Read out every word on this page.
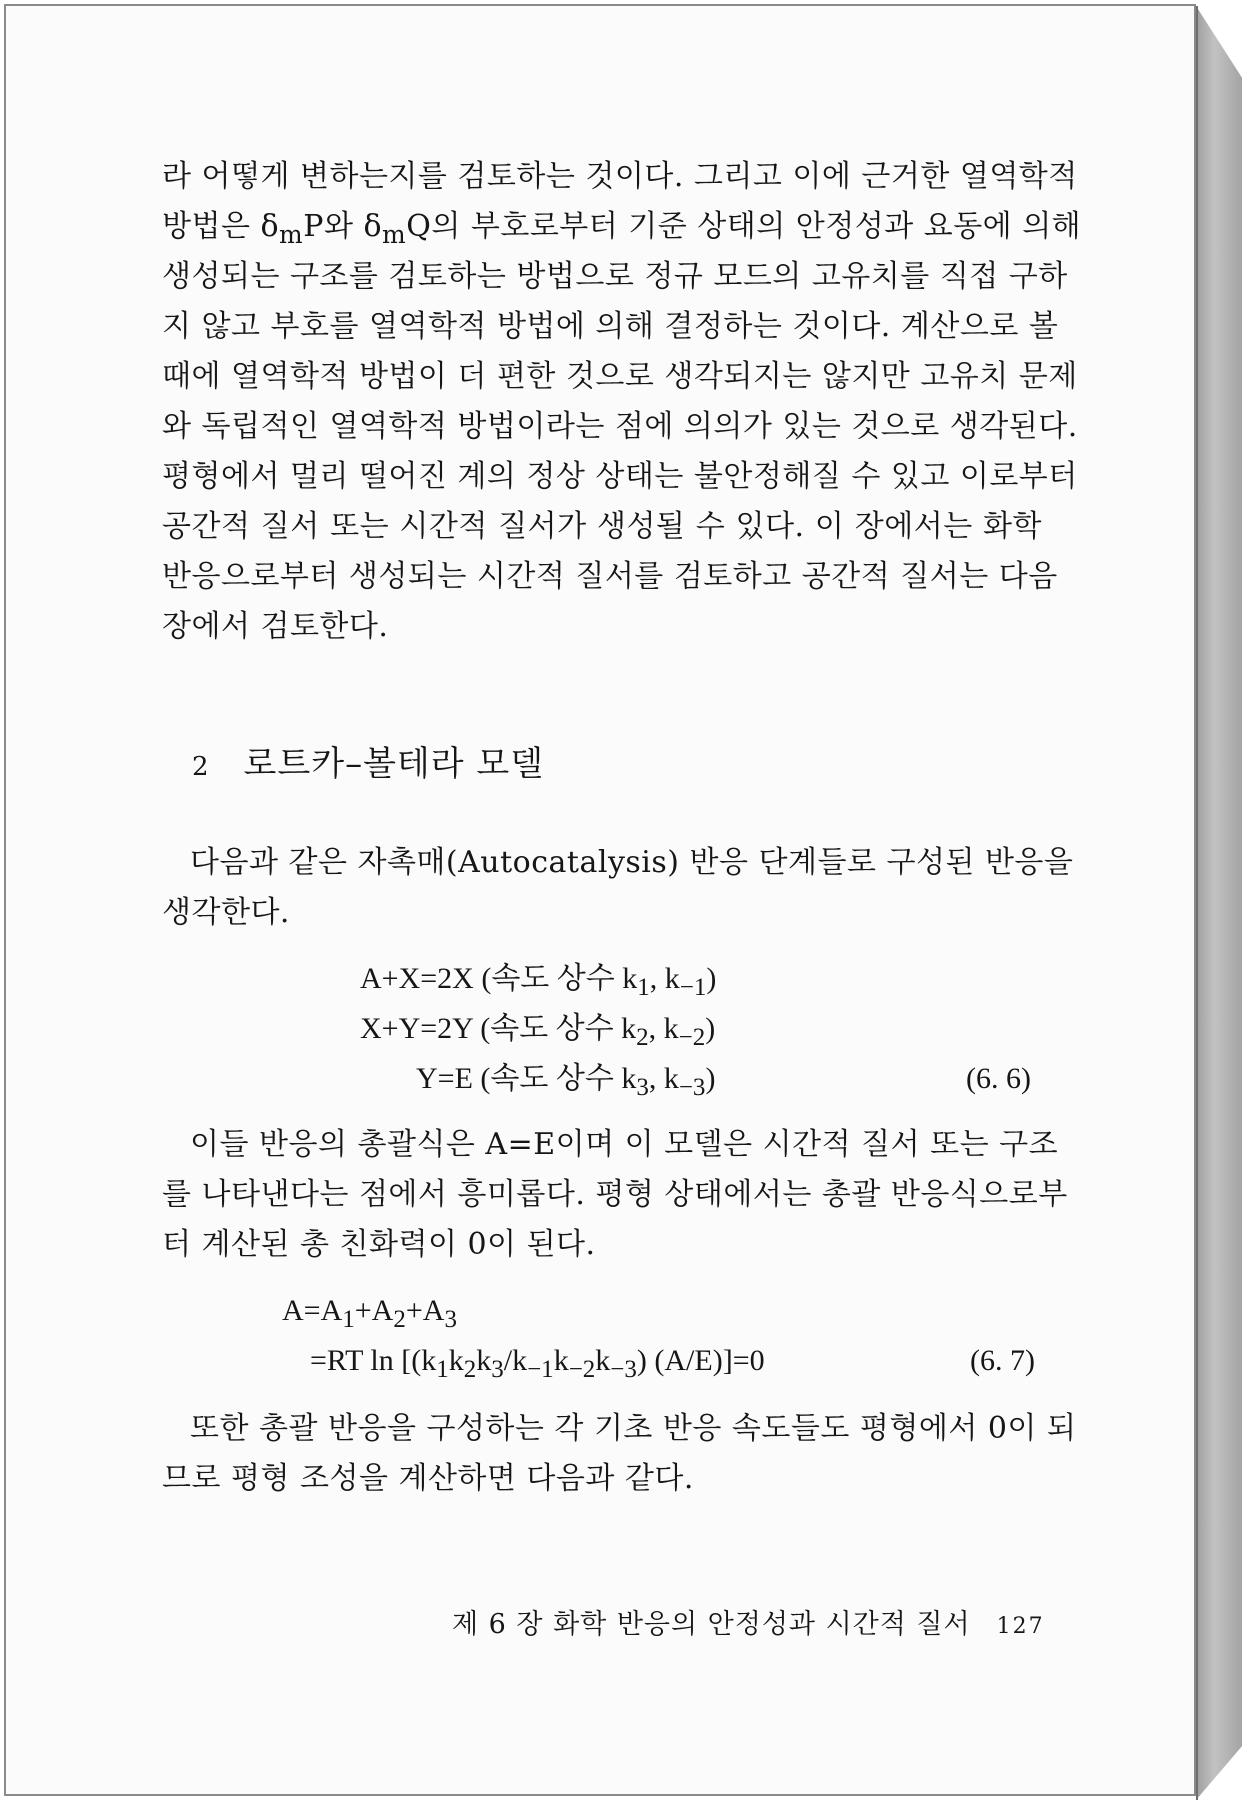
라 어떻게 변하는지를 검토하는 것이다. 그리고 이에 근거한 열역학적
방법은 $\delta_mP$와 $\delta_mQ$의 부호로부터 기준 상태의 안정성과 요동에 의해
생성되는 구조를 검토하는 방법으로 정규 모드의 고유치를 직접 구하
지 않고 부호를 열역학적 방법에 의해 결정하는 것이다. 계산으로 볼
때에 열역학적 방법이 더 편한 것으로 생각되지는 않지만 고유치 문제
와 독립적인 열역학적 방법이라는 점에 의의가 있는 것으로 생각된다.
평형에서 멀리 떨어진 계의 정상 상태는 불안정해질 수 있고 이로부터
공간적 질서 또는 시간적 질서가 생성될 수 있다. 이 장에서는 화학
반응으로부터 생성되는 시간적 질서를 검토하고 공간적 질서는 다음
장에서 검토한다.
2 로트카–볼테라 모델
다음과 같은 자촉매(Autocatalysis) 반응 단계들로 구성된 반응을
생각한다.
A+X=2X (속도 상수 $k_1$, $k_{-1}$)
X+Y=2Y (속도 상수 $k_2$, $k_{-2}$)
Y=E (속도 상수 $k_3$, $k_{-3}$)	(6. 6)
이들 반응의 총괄식은 A=E이며 이 모델은 시간적 질서 또는 구조
를 나타낸다는 점에서 흥미롭다. 평형 상태에서는 총괄 반응식으로부
터 계산된 총 친화력이 0이 된다.
$A=A_1+A_2+A_3$
=RT $\ln [(k_1k_2k_3/k_{-1}k_{-2}k_{-3})$ (A/E)]=0	(6. 7)
또한 총괄 반응을 구성하는 각 기초 반응 속도들도 평형에서 0이 되
므로 평형 조성을 계산하면 다음과 같다.
제 6 장 화학 반응의 안정성과 시간적 질서 127
